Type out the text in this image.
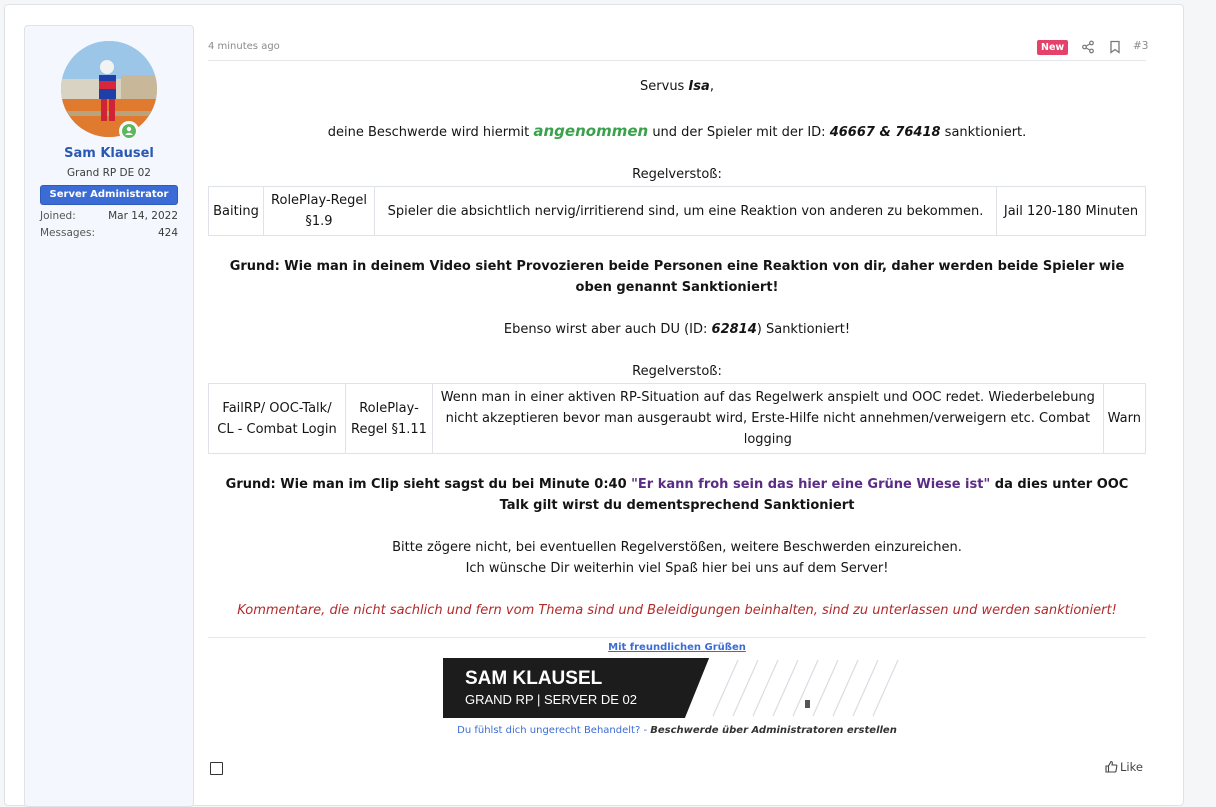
Sam Klausel
Grand RP DE 02
Server Administrator
Joined:	Mar 14, 2022
Messages:	424
4 minutes ago	New	#3
Servus Isa,
deine Beschwerde wird hiermit angenommen und der Spieler mit der ID: 46667 & 76418 sanktioniert.
Regelverstoß:
Baiting	RolePlay-Regel §1.9	Spieler die absichtlich nervig/irritierend sind, um eine Reaktion von anderen zu bekommen.	Jail 120-180 Minuten
Grund: Wie man in deinem Video sieht Provozieren beide Personen eine Reaktion von dir, daher werden beide Spieler wie oben genannt Sanktioniert!
Ebenso wirst aber auch DU (ID: 62814) Sanktioniert!
Regelverstoß:
FailRP/ OOC-Talk/ CL - Combat Login	RolePlay-Regel §1.11	Wenn man in einer aktiven RP-Situation auf das Regelwerk anspielt und OOC redet. Wiederbelebung nicht akzeptieren bevor man ausgeraubt wird, Erste-Hilfe nicht annehmen/verweigern etc. Combat logging	Warn
Grund: Wie man im Clip sieht sagst du bei Minute 0:40 "Er kann froh sein das hier eine Grüne Wiese ist" da dies unter OOC Talk gilt wirst du dementsprechend Sanktioniert
Bitte zögere nicht, bei eventuellen Regelverstößen, weitere Beschwerden einzureichen.
Ich wünsche Dir weiterhin viel Spaß hier bei uns auf dem Server!
Kommentare, die nicht sachlich und fern vom Thema sind und Beleidigungen beinhalten, sind zu unterlassen und werden sanktioniert!
Mit freundlichen Grüßen
SAM KLAUSEL
GRAND RP | SERVER DE 02
Du fühlst dich ungerecht Behandelt? - Beschwerde über Administratoren erstellen
Like
